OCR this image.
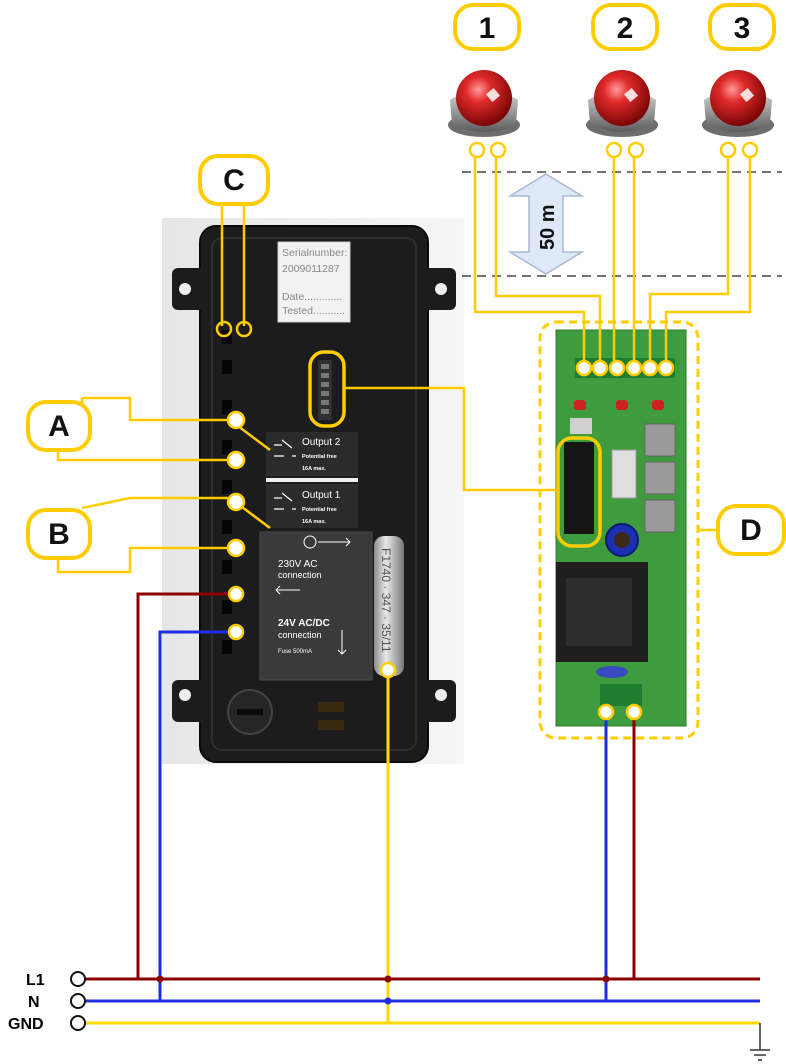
Serialnumber:
2009011287
Date.............
Tested...........
Output 2
Potential free
16A max.
Output 1
Potential free
16A max.
230V AC
connection
24V AC/DC
connection
Fuse 500mA	F1740 · 347 · 35/11
50 m
1	2	3
C
D
A
B
L1
N
GND
